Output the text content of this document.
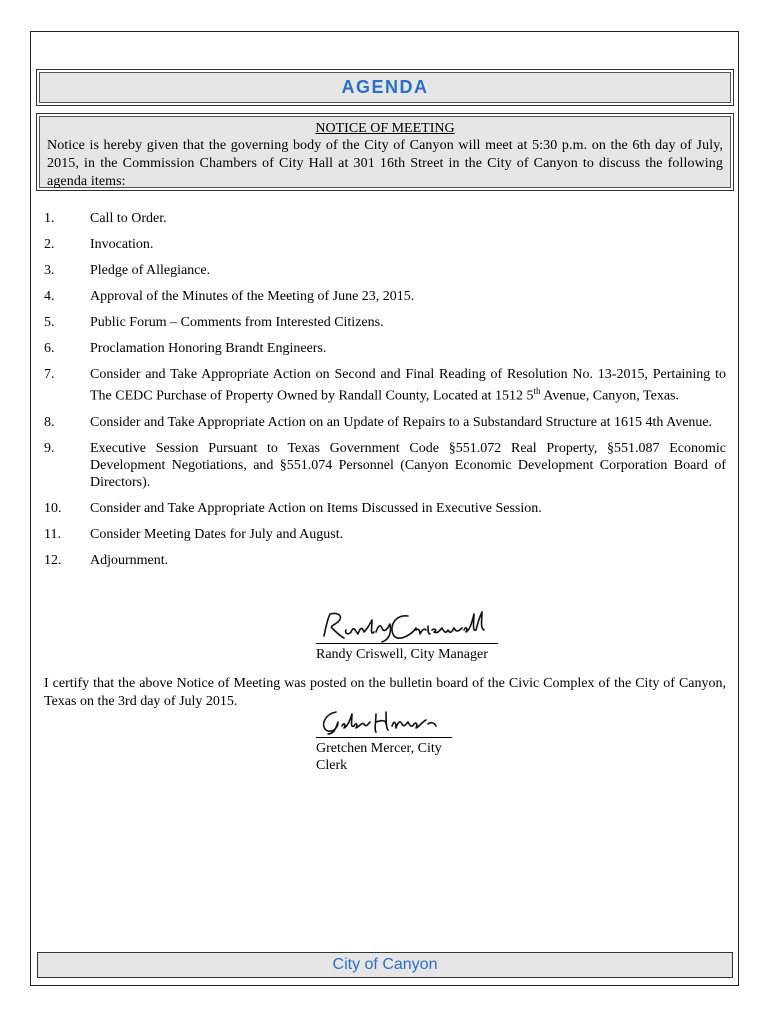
AGENDA
NOTICE OF MEETING
Notice is hereby given that the governing body of the City of Canyon will meet at 5:30 p.m. on the 6th day of July, 2015, in the Commission Chambers of City Hall at 301 16th Street in the City of Canyon to discuss the following agenda items:
1.	Call to Order.
2.	Invocation.
3.	Pledge of Allegiance.
4.	Approval of the Minutes of the Meeting of June 23, 2015.
5.	Public Forum – Comments from Interested Citizens.
6.	Proclamation Honoring Brandt Engineers.
7.	Consider and Take Appropriate Action on Second and Final Reading of Resolution No. 13-2015, Pertaining to The CEDC Purchase of Property Owned by Randall County, Located at 1512 5th Avenue, Canyon, Texas.
8.	Consider and Take Appropriate Action on an Update of Repairs to a Substandard Structure at 1615 4th Avenue.
9.	Executive Session Pursuant to Texas Government Code §551.072 Real Property, §551.087 Economic Development Negotiations, and §551.074 Personnel (Canyon Economic Development Corporation Board of Directors).
10.	Consider and Take Appropriate Action on Items Discussed in Executive Session.
11.	Consider Meeting Dates for July and August.
12.	Adjournment.
Randy Criswell, City Manager
I certify that the above Notice of Meeting was posted on the bulletin board of the Civic Complex of the City of Canyon, Texas on the 3rd day of July 2015.
Gretchen Mercer, City Clerk
City of Canyon
